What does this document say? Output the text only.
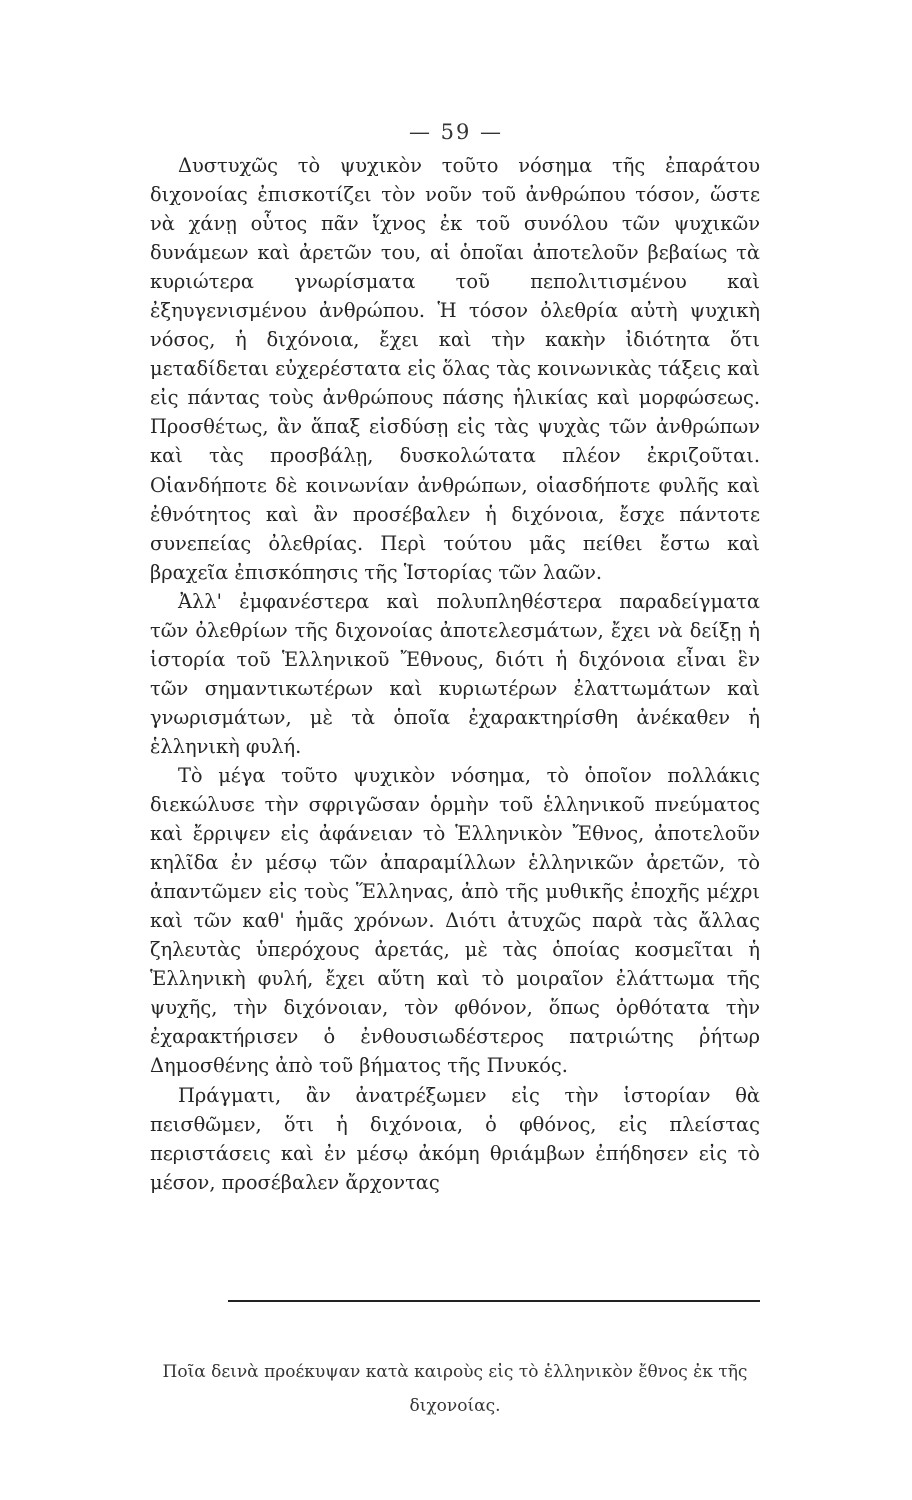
— 59 —

Δυστυχῶς τὸ ψυχικὸν τοῦτο νόσημα τῆς ἐπαράτου διχονοίας ἐπισκοτίζει τὸν νοῦν τοῦ ἀνθρώπου τόσον, ὥστε νὰ χάνῃ οὗτος πᾶν ἴχνος ἐκ τοῦ συνόλου τῶν ψυχικῶν δυνάμεων καὶ ἀρετῶν του, αἱ ὁποῖαι ἀποτελοῦν βεβαίως τὰ κυριώτερα γνωρίσματα τοῦ πεπολιτισμένου καὶ ἐξηυγενισμένου ἀνθρώπου. Ἡ τόσον ὀλεθρία αὐτὴ ψυχικὴ νόσος, ἡ διχόνοια, ἔχει καὶ τὴν κακὴν ἰδιότητα ὅτι μεταδίδεται εὐχερέστατα εἰς ὅλας τὰς κοινωνικὰς τάξεις καὶ εἰς πάντας τοὺς ἀνθρώπους πάσης ἡλικίας καὶ μορφώσεως. Προσθέτως, ἂν ἅπαξ εἰσδύσῃ εἰς τὰς ψυχὰς τῶν ἀνθρώπων καὶ τὰς προσβάλῃ, δυσκολώτατα πλέον ἐκριζοῦται. Οἱανδήποτε δὲ κοινωνίαν ἀνθρώπων, οἱασδήποτε φυλῆς καὶ ἐθνότητος καὶ ἂν προσέβαλεν ἡ διχόνοια, ἔσχε πάντοτε συνεπείας ὀλεθρίας. Περὶ τούτου μᾶς πείθει ἔστω καὶ βραχεῖα ἐπισκόπησις τῆς Ἱστορίας τῶν λαῶν.

Ἀλλ' ἐμφανέστερα καὶ πολυπληθέστερα παραδείγματα τῶν ὀλεθρίων τῆς διχονοίας ἀποτελεσμάτων, ἔχει νὰ δείξῃ ἡ ἱστορία τοῦ Ἑλληνικοῦ Ἔθνους, διότι ἡ διχόνοια εἶναι ἓν τῶν σημαντικωτέρων καὶ κυριωτέρων ἐλαττωμάτων καὶ γνωρισμάτων, μὲ τὰ ὁποῖα ἐχαρακτηρίσθη ἀνέκαθεν ἡ ἑλληνικὴ φυλή.

Τὸ μέγα τοῦτο ψυχικὸν νόσημα, τὸ ὁποῖον πολλάκις διεκώλυσε τὴν σφριγῶσαν ὁρμὴν τοῦ ἑλληνικοῦ πνεύματος καὶ ἔρριψεν εἰς ἀφάνειαν τὸ Ἑλληνικὸν Ἔθνος, ἀποτελοῦν κηλῖδα ἐν μέσῳ τῶν ἀπαραμίλλων ἑλληνικῶν ἀρετῶν, τὸ ἀπαντῶμεν εἰς τοὺς Ἕλληνας, ἀπὸ τῆς μυθικῆς ἐποχῆς μέχρι καὶ τῶν καθ' ἡμᾶς χρόνων. Διότι ἀτυχῶς παρὰ τὰς ἄλλας ζηλευτὰς ὑπερόχους ἀρετάς, μὲ τὰς ὁποίας κοσμεῖται ἡ Ἑλληνικὴ φυλή, ἔχει αὕτη καὶ τὸ μοιραῖον ἐλάττωμα τῆς ψυχῆς, τὴν διχόνοιαν, τὸν φθόνον, ὅπως ὀρθότατα τὴν ἐχαρακτήρισεν ὁ ἐνθουσιωδέστερος πατριώτης ῥήτωρ Δημοσθένης ἀπὸ τοῦ βήματος τῆς Πνυκός.

Πράγματι, ἂν ἀνατρέξωμεν εἰς τὴν ἱστορίαν θὰ πεισθῶμεν, ὅτι ἡ διχόνοια, ὁ φθόνος, εἰς πλείστας περιστάσεις καὶ ἐν μέσῳ ἀκόμη θριάμβων ἐπήδησεν εἰς τὸ μέσον, προσέβαλεν ἄρχοντας

Ποῖα δεινὰ προέκυψαν κατὰ καιροὺς εἰς τὸ ἑλληνικὸν ἔθνος ἐκ τῆς διχονοίας.
